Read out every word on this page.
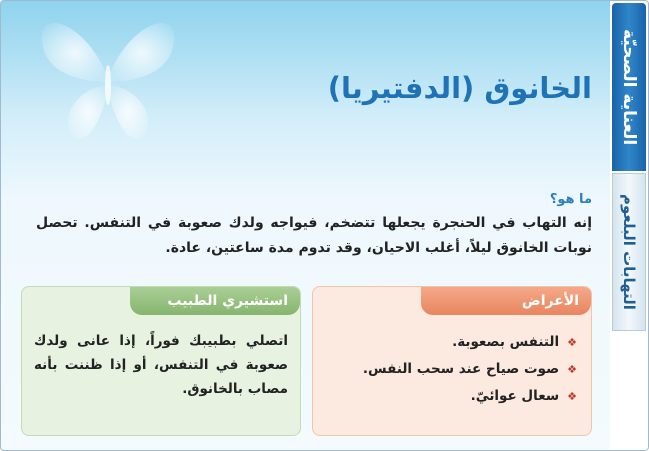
العناية الصحيّة
التهابات البلعوم
الخانوق (الدفتيريا)
ما هو؟

إنه التهاب في الحنجرة يجعلها تتضخم، فيواجه ولدك صعوبة في التنفس. تحصل نوبات الخانوق ليلاً، أغلب الاحيان، وقد تدوم مدة ساعتين، عادة.

الأعراض
❖التنفس بصعوبة.
❖صوت صياح عند سحب النفس.
❖سعال عوائيّ.
استشيري الطبيب

اتصلي بطبيبك فوراً، إذا عانى ولدك صعوبة في التنفس، أو إذا ظننت بأنه مصاب بالخانوق.
